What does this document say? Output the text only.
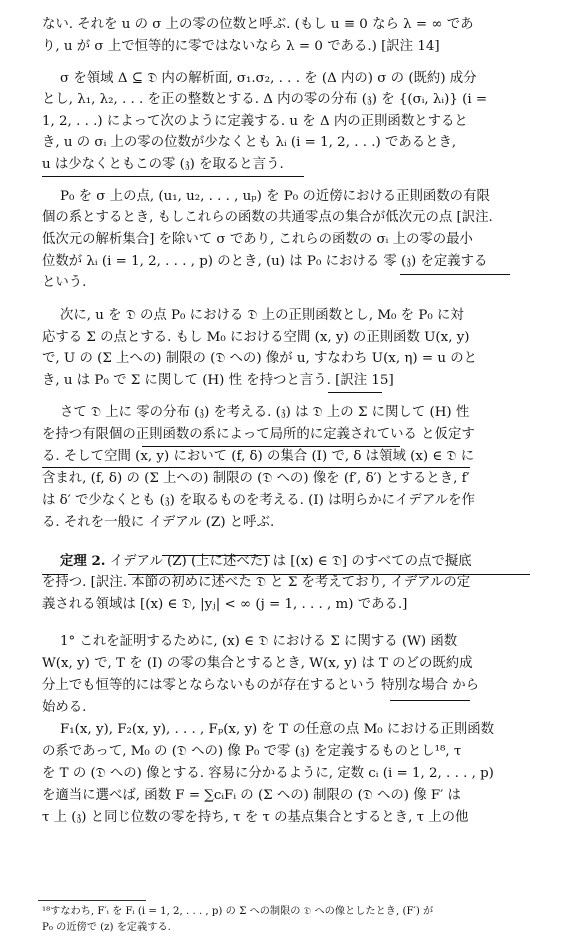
ない. それを u の σ 上の零の位数と呼ぶ. (もし u ≡ 0 なら λ = ∞ であ
り, u が σ 上で恒等的に零ではないなら λ = 0 である.) [訳注 14]
σ を領域 Δ ⊆ 𝔇 内の解析面, σ₁.σ₂, . . . を (Δ 内の) σ の (既約) 成分
とし, λ₁, λ₂, . . . を正の整数とする. Δ 内の零の分布 (𝔷) を {(σᵢ, λᵢ)} (i =
1, 2, . . .) によって次のように定義する. u を Δ 内の正則函数とすると
き, u の σᵢ 上の零の位数が少なくとも λᵢ (i = 1, 2, . . .) であるとき,
u は少なくともこの零 (𝔷) を取ると言う.
P₀ を σ 上の点, (u₁, u₂, . . . , uₚ) を P₀ の近傍における正則函数の有限
個の系とするとき, もしこれらの函数の共通零点の集合が低次元の点 [訳注.
低次元の解析集合] を除いて σ であり, これらの函数の σᵢ 上の零の最小
位数が λᵢ (i = 1, 2, . . . , p) のとき, (u) は P₀ における 零 (𝔷) を定義する
という.
次に, u を 𝔇 の点 P₀ における 𝔇 上の正則函数とし, M₀ を P₀ に対
応する Σ の点とする. もし M₀ における空間 (x, y) の正則函数 U(x, y)
で, U の (Σ 上への) 制限の (𝔇 への) 像が u, すなわち U(x, η) = u のと
き, u は P₀ で Σ に関して (H) 性 を持つと言う. [訳注 15]
さて 𝔇 上に 零の分布 (𝔷) を考える. (𝔷) は 𝔇 上の Σ に関して (H) 性
を持つ有限個の正則函数の系によって局所的に定義されている と仮定す
る. そして空間 (x, y) において (f, δ) の集合 (I) で, δ は領域 (x) ∈ 𝔇 に
含まれ, (f, δ) の (Σ 上への) 制限の (𝔇 への) 像を (f′, δ′) とするとき, f′
は δ′ で少なくとも (𝔷) を取るものを考える. (I) は明らかにイデアルを作
る. それを一般に イデアル (Z) と呼ぶ.
定理 2. イデアル (Z) (上に述べた) は [(x) ∈ 𝔇] のすべての点で擬底
を持つ. [訳注. 本節の初めに述べた 𝔇 と Σ を考えており, イデアルの定
義される領域は [(x) ∈ 𝔇, |yⱼ| < ∞ (j = 1, . . . , m) である.]
1° これを証明するために, (x) ∈ 𝔇 における Σ に関する (W) 函数
W(x, y) で, T を (I) の零の集合とするとき, W(x, y) は T のどの既約成
分上でも恒等的には零とならないものが存在するという 特別な場合 から
始める.
F₁(x, y), F₂(x, y), . . . , Fₚ(x, y) を T の任意の点 M₀ における正則函数
の系であって, M₀ の (𝔇 への) 像 P₀ で零 (𝔷) を定義するものとし¹⁸, τ
を T の (𝔇 への) 像とする. 容易に分かるように, 定数 cᵢ (i = 1, 2, . . . , p)
を適当に選べば, 函数 F = ∑cᵢFᵢ の (Σ への) 制限の (𝔇 への) 像 F′ は
τ 上 (𝔷) と同じ位数の零を持ち, τ を τ の基点集合とするとき, τ 上の他
¹⁸すなわち, F′ᵢ を Fᵢ (i = 1, 2, . . . , p) の Σ への制限の 𝔇 への像としたとき, (F′) が
P₀ の近傍で (z) を定義する.
